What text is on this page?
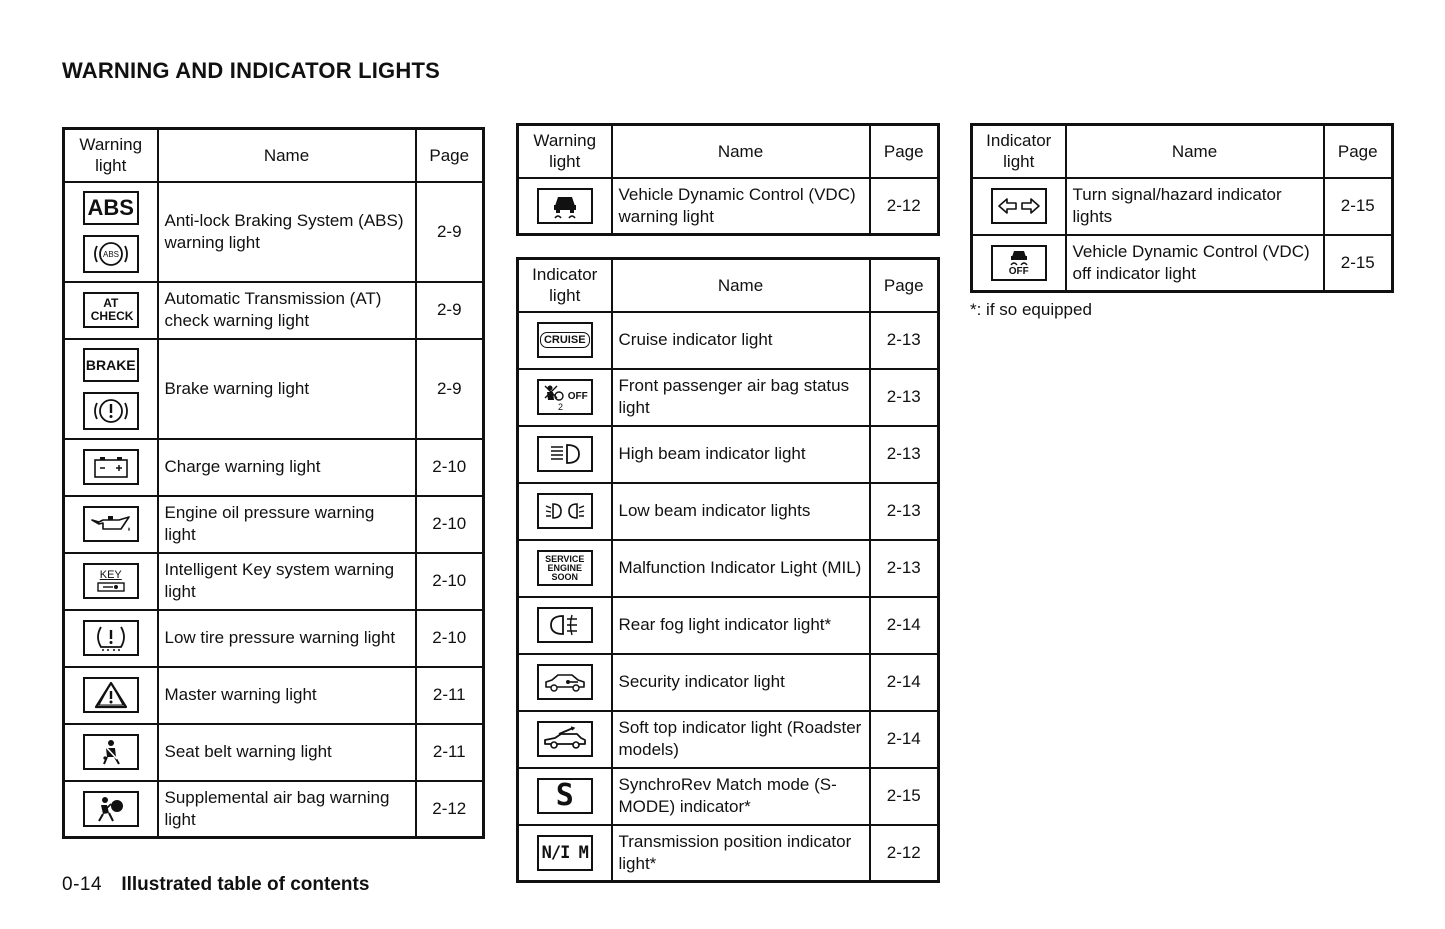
WARNING AND INDICATOR LIGHTS
Warning light	Name	Page

ABS
ABS	Anti-lock Braking System (ABS) warning light	2-9

AT CHECK	Automatic Transmission (AT) check warning light	2-9

BRAKE	Brake warning light	2-9

	Charge warning light	2-10

	Engine oil pressure warning light	2-10

KEY	Intelligent Key system warning light	2-10

	Low tire pressure warning light	2-10

	Master warning light	2-11

	Seat belt warning light	2-11

	Supplemental air bag warning light	2-12
Warning light	Name	Page

	Vehicle Dynamic Control (VDC) warning light	2-12
Indicator light	Name	Page

CRUISE	Cruise indicator light	2-13

2
OFF	Front passenger air bag status light	2-13

	High beam indicator light	2-13

	Low beam indicator lights	2-13

SERVICE ENGINE SOON	Malfunction Indicator Light (MIL)	2-13

	Rear fog light indicator light*	2-14

	Security indicator light	2-14

	Soft top indicator light (Roadster models)	2-14

S	SynchroRev Match mode (S-MODE) indicator*	2-15

N/I M	Transmission position indicator light*	2-12
Indicator light	Name	Page

	Turn signal/hazard indicator lights	2-15

OFF	Vehicle Dynamic Control (VDC) off indicator light	2-15

*: if so equipped

0-14 Illustrated table of contents
